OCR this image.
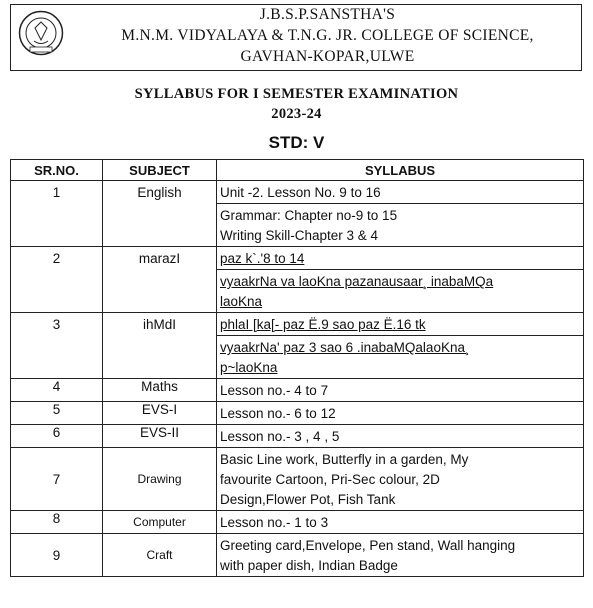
J.B.S.P.SANSTHA'S
M.N.M. VIDYALAYA & T.N.G. JR. COLLEGE OF SCIENCE,
GAVHAN-KOPAR,ULWE
SYLLABUS FOR I SEMESTER EXAMINATION
2023-24
STD: V
SR.NO.	SUBJECT	SYLLABUS
1	English	Unit -2. Lesson No. 9 to 16
Grammar: Chapter no-9 to 15
Writing Skill-Chapter 3 & 4

2	marazI	paz k`.'8 to 14
vyaakrNa va laoKna pazanausaar¸ inabaMQa
laoKna

3	ihMdI	phlaI [ka[- paz Ë.9 sao paz Ë.16 tk
vyaakrNa' paz 3 sao 6 .inabaMQalaoKna¸
p~laoKna

4	Maths	Lesson no.- 4 to 7

5	EVS-I	Lesson no.- 6 to 12

6	EVS-II	Lesson no.- 3 , 4 , 5

7	Drawing	Basic Line work, Butterfly in a garden, My
favourite Cartoon, Pri-Sec colour, 2D
Design,Flower Pot, Fish Tank

8	Computer	Lesson no.- 1 to 3

9	Craft	Greeting card,Envelope, Pen stand, Wall hanging
with paper dish, Indian Badge
